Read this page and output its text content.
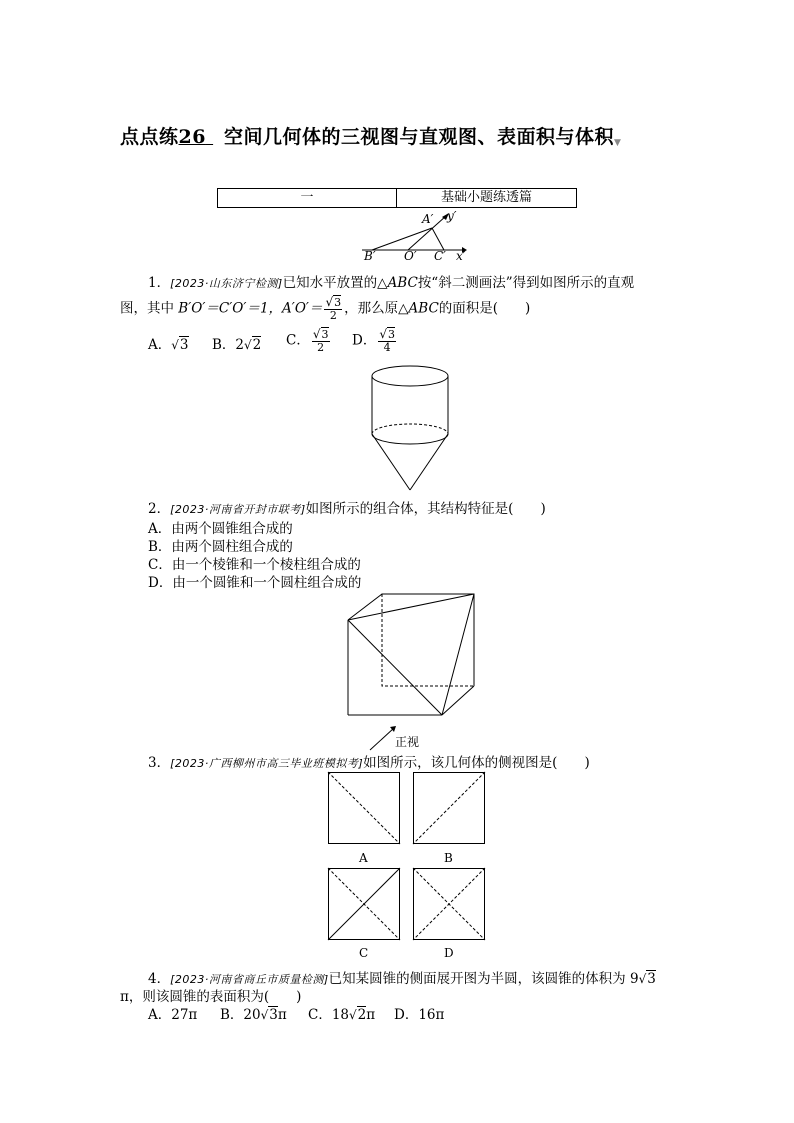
点点练26 空间几何体的三视图与直观图、表面积与体积▼
一	基础小题练透篇
A′ y′
B′ O′ C′ x′
1．[2023·山东济宁检测]已知水平放置的△ABC按“斜二测画法”得到如图所示的直观
图，其中 B′O′＝C′O′＝1，$A'O'= \frac{√3}{2}$ ，那么原△ABC的面积是(　　)
A．√3 B．2√2 C． $\frac{√3}{2}$ D． $\frac{√3}{4}$
2．[2023·河南省开封市联考]如图所示的组合体，其结构特征是(　　)
A．由两个圆锥组合成的
B．由两个圆柱组合成的
C．由一个棱锥和一个棱柱组合成的
D．由一个圆锥和一个圆柱组合成的
正视
3．[2023·广西柳州市高三毕业班模拟考]如图所示，该几何体的侧视图是(　　)
A	B
C	D
4．[2023·河南省商丘市质量检测]已知某圆锥的侧面展开图为半圆，该圆锥的体积为 9√3
π，则该圆锥的表面积为(　　)
A．27π B．20√3π C．18√2π D．16π
